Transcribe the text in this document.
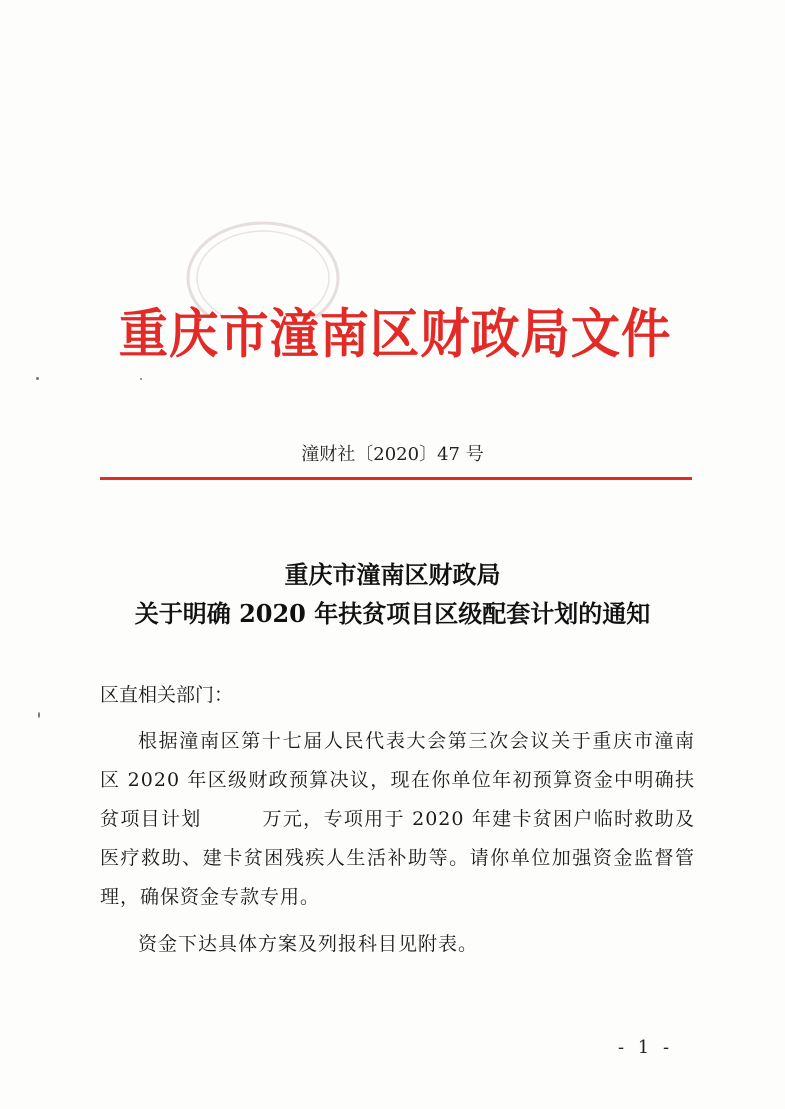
重庆市潼南区财政局文件
潼财社〔2020〕47 号
重庆市潼南区财政局
关于明确 2020 年扶贫项目区级配套计划的通知
区直相关部门：
根据潼南区第十七届人民代表大会第三次会议关于重庆市潼南区 2020 年区级财政预算决议，现在你单位年初预算资金中明确扶贫项目计划　　　万元，专项用于 2020 年建卡贫困户临时救助及医疗救助、建卡贫困残疾人生活补助等。请你单位加强资金监督管理，确保资金专款专用。
资金下达具体方案及列报科目见附表。
- 1 -
